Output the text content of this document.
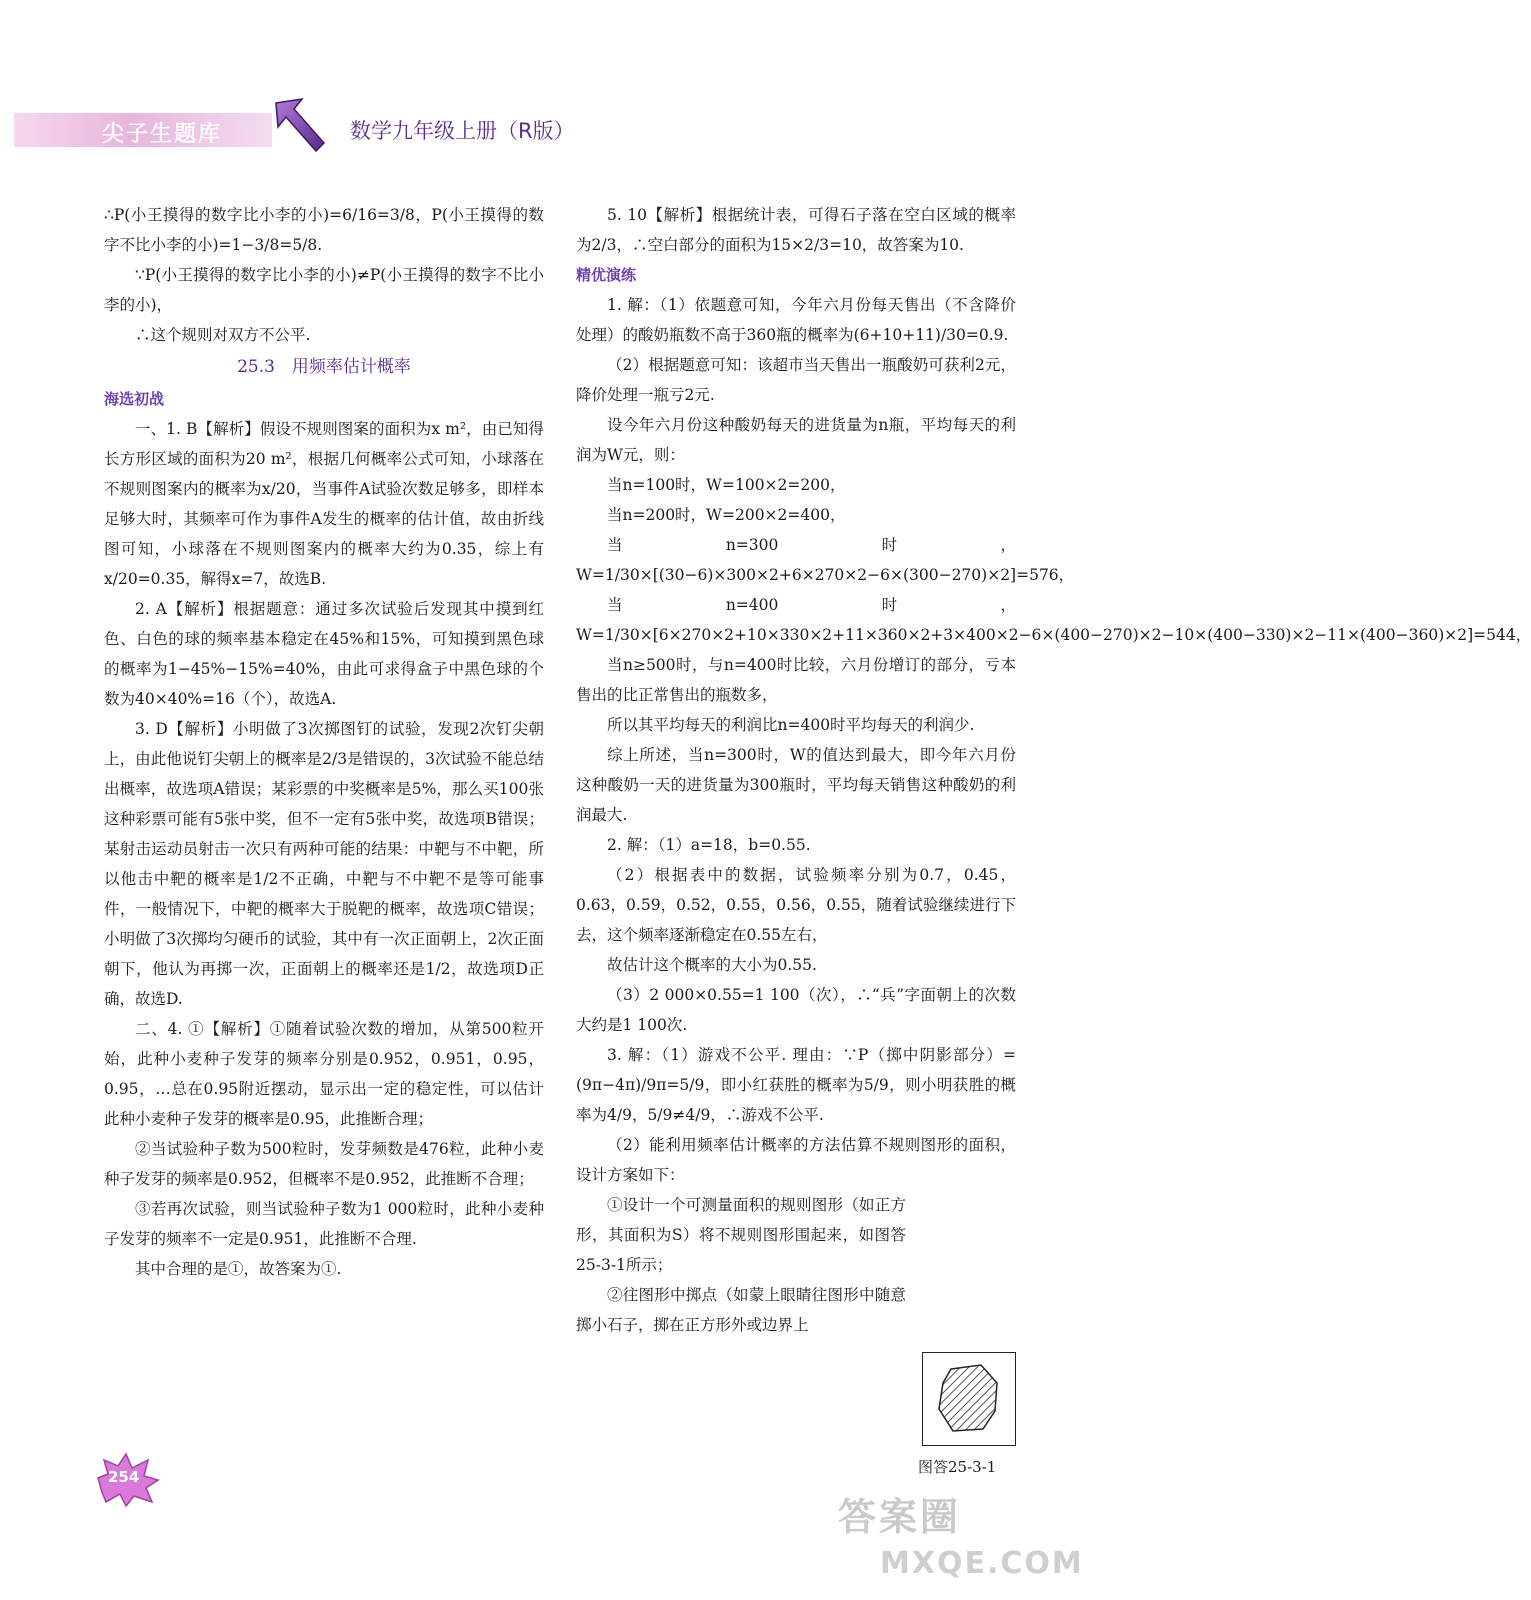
尖子生题库	数学九年级上册（R版）

∴P(小王摸得的数字比小李的小)=6/16=3/8，P(小王摸得的数字不比小李的小)=1−3/8=5/8.

∵P(小王摸得的数字比小李的小)≠P(小王摸得的数字不比小李的小)，

∴这个规则对双方不公平.

25.3　用频率估计概率

海选初战

一、1. B【解析】假设不规则图案的面积为x m²，由已知得长方形区域的面积为20 m²，根据几何概率公式可知，小球落在不规则图案内的概率为x/20，当事件A试验次数足够多，即样本足够大时，其频率可作为事件A发生的概率的估计值，故由折线图可知，小球落在不规则图案内的概率大约为0.35，综上有x/20=0.35，解得x=7，故选B.

2. A【解析】根据题意：通过多次试验后发现其中摸到红色、白色的球的频率基本稳定在45%和15%，可知摸到黑色球的概率为1−45%−15%=40%，由此可求得盒子中黑色球的个数为40×40%=16（个），故选A.

3. D【解析】小明做了3次掷图钉的试验，发现2次钉尖朝上，由此他说钉尖朝上的概率是2/3是错误的，3次试验不能总结出概率，故选项A错误；某彩票的中奖概率是5%，那么买100张这种彩票可能有5张中奖，但不一定有5张中奖，故选项B错误；某射击运动员射击一次只有两种可能的结果：中靶与不中靶，所以他击中靶的概率是1/2不正确，中靶与不中靶不是等可能事件，一般情况下，中靶的概率大于脱靶的概率，故选项C错误；小明做了3次掷均匀硬币的试验，其中有一次正面朝上，2次正面朝下，他认为再掷一次，正面朝上的概率还是1/2，故选项D正确，故选D.

二、4. ①【解析】①随着试验次数的增加，从第500粒开始，此种小麦种子发芽的频率分别是0.952，0.951，0.95，0.95，…总在0.95附近摆动，显示出一定的稳定性，可以估计此种小麦种子发芽的概率是0.95，此推断合理；

②当试验种子数为500粒时，发芽频数是476粒，此种小麦种子发芽的频率是0.952，但概率不是0.952，此推断不合理；

③若再次试验，则当试验种子数为1 000粒时，此种小麦种子发芽的频率不一定是0.951，此推断不合理.

其中合理的是①，故答案为①.

5. 10【解析】根据统计表，可得石子落在空白区域的概率为2/3，∴空白部分的面积为15×2/3=10，故答案为10.

精优演练

1. 解：（1）依题意可知，今年六月份每天售出（不含降价处理）的酸奶瓶数不高于360瓶的概率为(6+10+11)/30=0.9.

（2）根据题意可知：该超市当天售出一瓶酸奶可获利2元，降价处理一瓶亏2元.

设今年六月份这种酸奶每天的进货量为n瓶，平均每天的利润为W元，则：

当n=100时，W=100×2=200，

当n=200时，W=200×2=400，

当n=300时，W=1/30×[(30−6)×300×2+6×270×2−6×(300−270)×2]=576，

当n=400时，W=1/30×[6×270×2+10×330×2+11×360×2+3×400×2−6×(400−270)×2−10×(400−330)×2−11×(400−360)×2]=544，

当n≥500时，与n=400时比较，六月份增订的部分，亏本售出的比正常售出的瓶数多，

所以其平均每天的利润比n=400时平均每天的利润少.

综上所述，当n=300时，W的值达到最大，即今年六月份这种酸奶一天的进货量为300瓶时，平均每天销售这种酸奶的利润最大.

2. 解：（1）a=18，b=0.55.

（2）根据表中的数据，试验频率分别为0.7，0.45，0.63，0.59，0.52，0.55，0.56，0.55，随着试验继续进行下去，这个频率逐渐稳定在0.55左右，

故估计这个概率的大小为0.55.

（3）2 000×0.55=1 100（次），∴“兵”字面朝上的次数大约是1 100次.

3. 解：（1）游戏不公平. 理由：∵P（掷中阴影部分）=(9π−4π)/9π=5/9，即小红获胜的概率为5/9，则小明获胜的概率为4/9，5/9≠4/9，∴游戏不公平.

（2）能利用频率估计概率的方法估算不规则图形的面积，设计方案如下：

①设计一个可测量面积的规则图形（如正方形，其面积为S）将不规则图形围起来，如图答25-3-1所示；

②往图形中掷点（如蒙上眼睛往图形中随意掷小石子，掷在正方形外或边界上

图答25-3-1
254
答案圈
MXQE.COM
